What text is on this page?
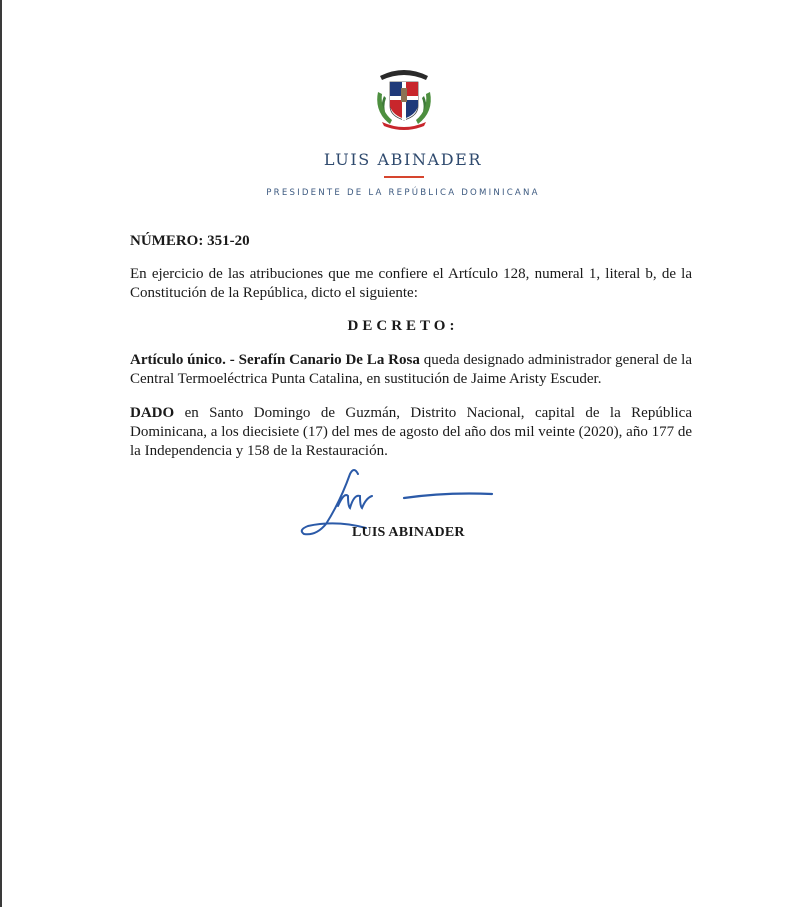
LUIS ABINADER
PRESIDENTE DE LA REPÚBLICA DOMINICANA
NÚMERO: 351-20
En ejercicio de las atribuciones que me confiere el Artículo 128, numeral 1, literal b, de la Constitución de la República, dicto el siguiente:
DECRETO:
Artículo único. - Serafín Canario De La Rosa queda designado administrador general de la Central Termoeléctrica Punta Catalina, en sustitución de Jaime Aristy Escuder.
DADO en Santo Domingo de Guzmán, Distrito Nacional, capital de la República Dominicana, a los diecisiete (17) del mes de agosto del año dos mil veinte (2020), año 177 de la Independencia y 158 de la Restauración.
LUIS ABINADER
